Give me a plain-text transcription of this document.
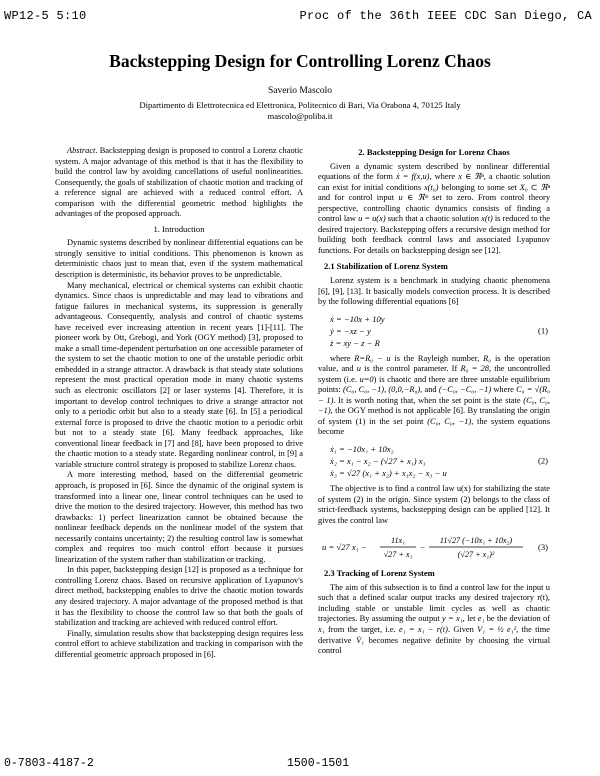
WP12-5 5:10	Proc of the 36th IEEE CDC San Diego, CA
Backstepping Design for Controlling Lorenz Chaos
Saverio Mascolo
Dipartimento di Elettrotecnica ed Elettronica, Politecnico di Bari, Via Orabona 4, 70125 Italy
mascolo@poliba.it

Abstract. Backstepping design is proposed to control a Lorenz chaotic system. A major advantage of this method is that it has the flexibility to build the control law by avoiding cancellations of useful nonlinearities. Consequently, the goals of stabilization of chaotic motion and tracking of a reference signal are achieved with a reduced control effort. A comparison with the differential geometric method highlights the advantages of the proposed approach.

1. Introduction

Dynamic systems described by nonlinear differential equations can be strongly sensitive to initial conditions. This phenomenon is known as deterministic chaos just to mean that, even if the system mathematical description is deterministic, its behavior proves to be unpredictable.

Many mechanical, electrical or chemical systems can exhibit chaotic dynamics. Since chaos is unpredictable and may lead to vibrations and fatigue failures in mechanical systems, its suppression is generally advantageous. Consequently, analysis and control of chaotic systems have received ever increasing attention in recent years [1]-[11]. The pioneer work by Ott, Grebogi, and York (OGY method) [3], proposed to make a small time-dependent perturbation on one accessible parameter of the system to set the chaotic motion to one of the unstable periodic orbit embedded in a strange attractor. A drawback is that steady state solutions represent the most practical operation mode in many chaotic systems such as electronic oscillators [2] or laser systems [4]. Therefore, it is important to develop control techniques to drive a strange attractor not only to a periodic orbit but also to a steady state [6]. In [5] a periodical external force is proposed to drive the chaotic motion to a periodic orbit but not to a steady state [6]. Many feedback approaches, like conventional linear feedback in [7] and [8], have been proposed to drive the chaotic motion to a steady state. Regarding nonlinear control, in [9] a variable structure control strategy is proposed to stabilize Lorenz chaos.

A more interesting method, based on the differential geometric approach, is proposed in [6]. Since the dynamic of the original system is transformed into a linear one, linear control techniques can be used to drive the motion to the desired trajectory. However, this method has two drawbacks: 1) perfect linearization cannot be obtained because the nonlinear feedback depends on the nonlinear model of the system that necessarily contains uncertainty; 2) the resulting control law is somewhat complex and requires too much control effort because it pursues linearization of the system rather than stabilization or tracking.

In this paper, backstepping design [12] is proposed as a technique for controlling Lorenz chaos. Based on recursive application of Lyapunov's direct method, backstepping enables to drive the chaotic motion towards any desired trajectory. A major advantage of the proposed method is that it has the flexibility to choose the control law so that both the goals of stabilization and tracking are achieved with reduced control effort.

Finally, simulation results show that backstepping design requires less control effort to achieve stabilization and tracking in comparison with the differential geometric approach proposed in [6].

2. Backstepping Design for Lorenz Chaos

Given a dynamic system described by nonlinear differential equations of the form ẋ = f(x,u), where x ∈ ℜⁿ, a chaotic solution can exist for initial conditions x(t₀) belonging to some set X₀ ⊂ ℜⁿ and for control input u ∈ ℜᵐ set to zero. From control theory perspective, controlling chaotic dynamics consists of finding a control law u = u(x) such that a chaotic solution x(t) is reduced to the desired trajectory. Backstepping offers a recursive design method for building both feedback control laws and associated Lyapunov functions. For details on backstepping design see [12].

2.1 Stabilization of Lorenz System

Lorenz system is a benchmark in studying chaotic phenomena [6], [9], [13]. It basically models convection process. It is described by the following differential equations [6]

ẋ = −10x + 10y
ẏ = −xz − y
ż = xy − z − R
(1)

where R=R₀ − u is the Rayleigh number, R₀ is the operation value, and u is the control parameter. If R₀ = 28, the uncontrolled system (i.e. u=0) is chaotic and there are three unstable equilibrium points: (C₀, C₀, −1), (0,0,−R₀), and (−C₀, −C₀, −1) where C₀ = √(R₀ − 1). It is worth noting that, when the set point is the state (C₀, C₀, −1), the OGY method is not applicable [6]. By translating the origin of system (1) in the set point (C₀, C₀, −1), the system equations become

ẋ₁ = −10x₁ + 10x₂
ẋ₂ = x₁ − x₂ − (√27 + x₁) x₃
ẋ₃ = √27 (x₁ + x₂) + x₁x₂ − x₃ − u
(2)

The objective is to find a control law u(x) for stabilizing the state of system (2) in the origin. Since system (2) belongs to the class of strict-feedback systems, backstepping design can be applied [12]. It gives the control law

u = √27 x₁ −
11x₁
√27 + x₁
−
11√27 (−10x₁ + 10x₂)
(√27 + x₁)²
(3)
2.3 Tracking of Lorenz System

The aim of this subsection is to find a control law for the input u such that a defined scalar output tracks any desired trajectory r(t), including stable or unstable limit cycles as well as chaotic trajectories. By assuming the output y = x₁, let e₁ be the deviation of x₁ from the target, i.e. e₁ = x₁ − r(t). Given V₁ = ½ e₁², the time derivative V̇₁ becomes negative definite by choosing the virtual control

0-7803-4187-2	1500-1501
